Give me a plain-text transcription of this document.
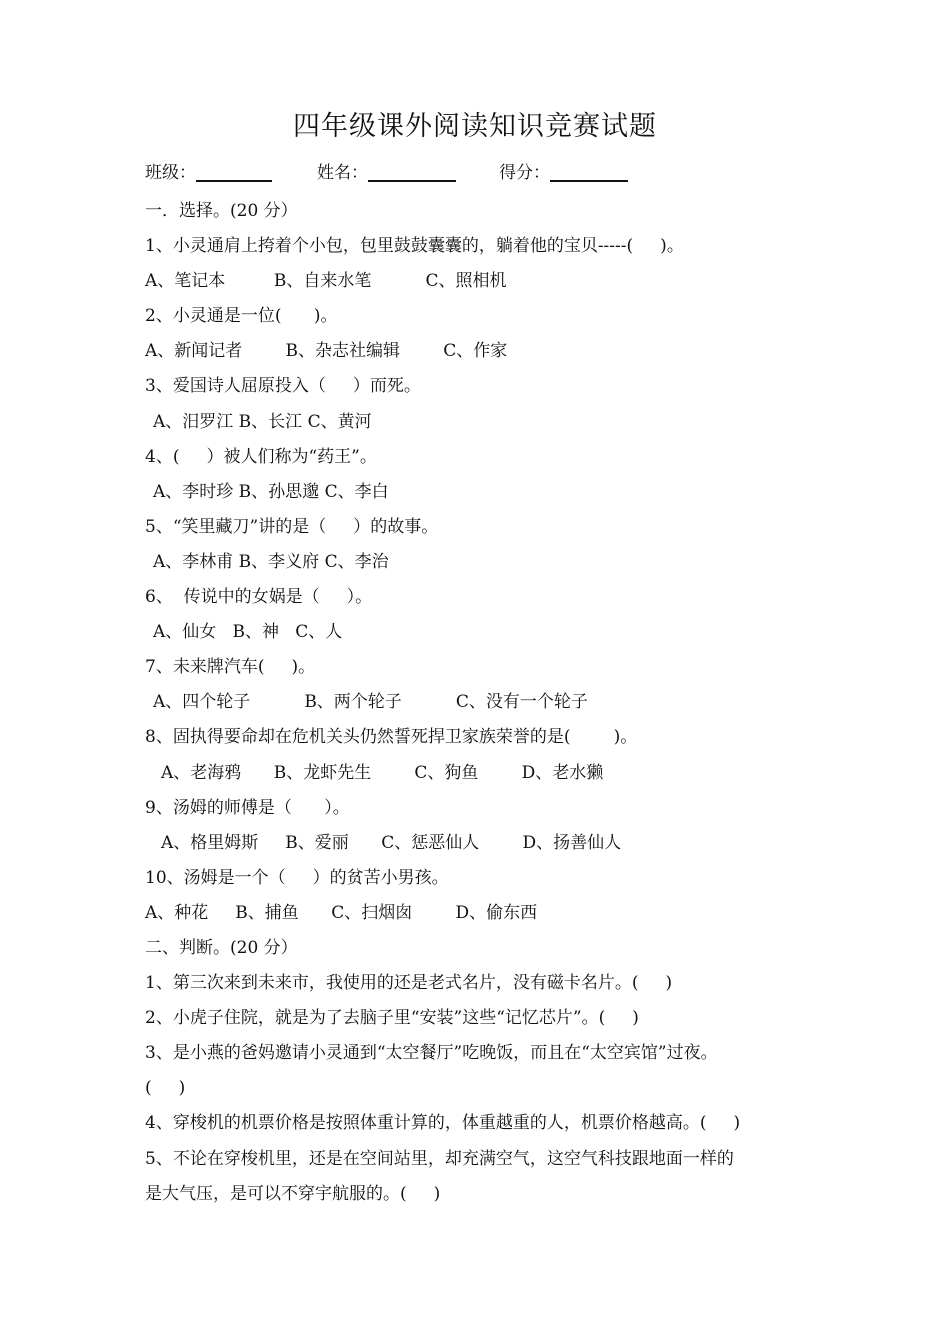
四年级课外阅读知识竞赛试题
班级：	姓名：	得分：
一．选择。(20 分）
1、小灵通肩上挎着个小包，包里鼓鼓囊囊的，躺着他的宝贝-----(     )。
A、笔记本         B、自来水笔          C、照相机
2、小灵通是一位(      )。
A、新闻记者        B、杂志社编辑        C、作家
3、爱国诗人屈原投入（     ）而死。
A、汨罗江 B、长江 C、黄河
4、(     ）被人们称为“药王”。
A、李时珍 B、孙思邈 C、李白
5、“笑里藏刀”讲的是（     ）的故事。
A、李林甫 B、李义府 C、李治
6、  传说中的女娲是（     ）。
A、仙女   B、神   C、人
7、未来牌汽车(     )。
A、四个轮子          B、两个轮子          C、没有一个轮子
8、固执得要命却在危机关头仍然誓死捍卫家族荣誉的是(        )。
A、老海鸦      B、龙虾先生        C、狗鱼        D、老水獭
9、汤姆的师傅是（      ）。
A、格里姆斯     B、爱丽      C、惩恶仙人        D、扬善仙人
10、汤姆是一个（     ）的贫苦小男孩。
A、种花     B、捕鱼      C、扫烟囱        D、偷东西
二、判断。(20 分）
1、第三次来到未来市，我使用的还是老式名片，没有磁卡名片。(     )
2、小虎子住院，就是为了去脑子里“安装”这些“记忆芯片”。(     )
3、是小燕的爸妈邀请小灵通到“太空餐厅”吃晚饭，而且在“太空宾馆”过夜。
(     )
4、穿梭机的机票价格是按照体重计算的，体重越重的人，机票价格越高。(     )
5、不论在穿梭机里，还是在空间站里，却充满空气，这空气科技跟地面一样的
是大气压，是可以不穿宇航服的。(     )
